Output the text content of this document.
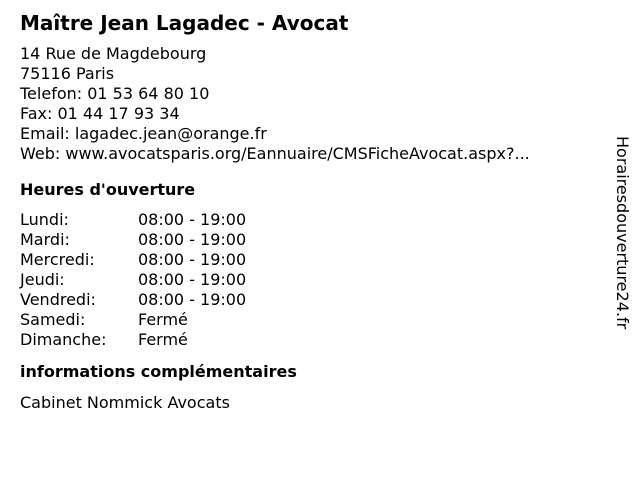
Maître Jean Lagadec - Avocat
14 Rue de Magdebourg
75116 Paris
Telefon: 01 53 64 80 10
Fax: 01 44 17 93 34
Email: lagadec.jean@orange.fr
Web: www.avocatsparis.org/Eannuaire/CMSFicheAvocat.aspx?...
Heures d'ouverture
Lundi:	08:00 - 19:00
Mardi:	08:00 - 19:00
Mercredi:	08:00 - 19:00
Jeudi:	08:00 - 19:00
Vendredi:	08:00 - 19:00
Samedi:	Fermé
Dimanche:	Fermé
informations complémentaires
Cabinet Nommick Avocats
Horairesdouverture24.fr
